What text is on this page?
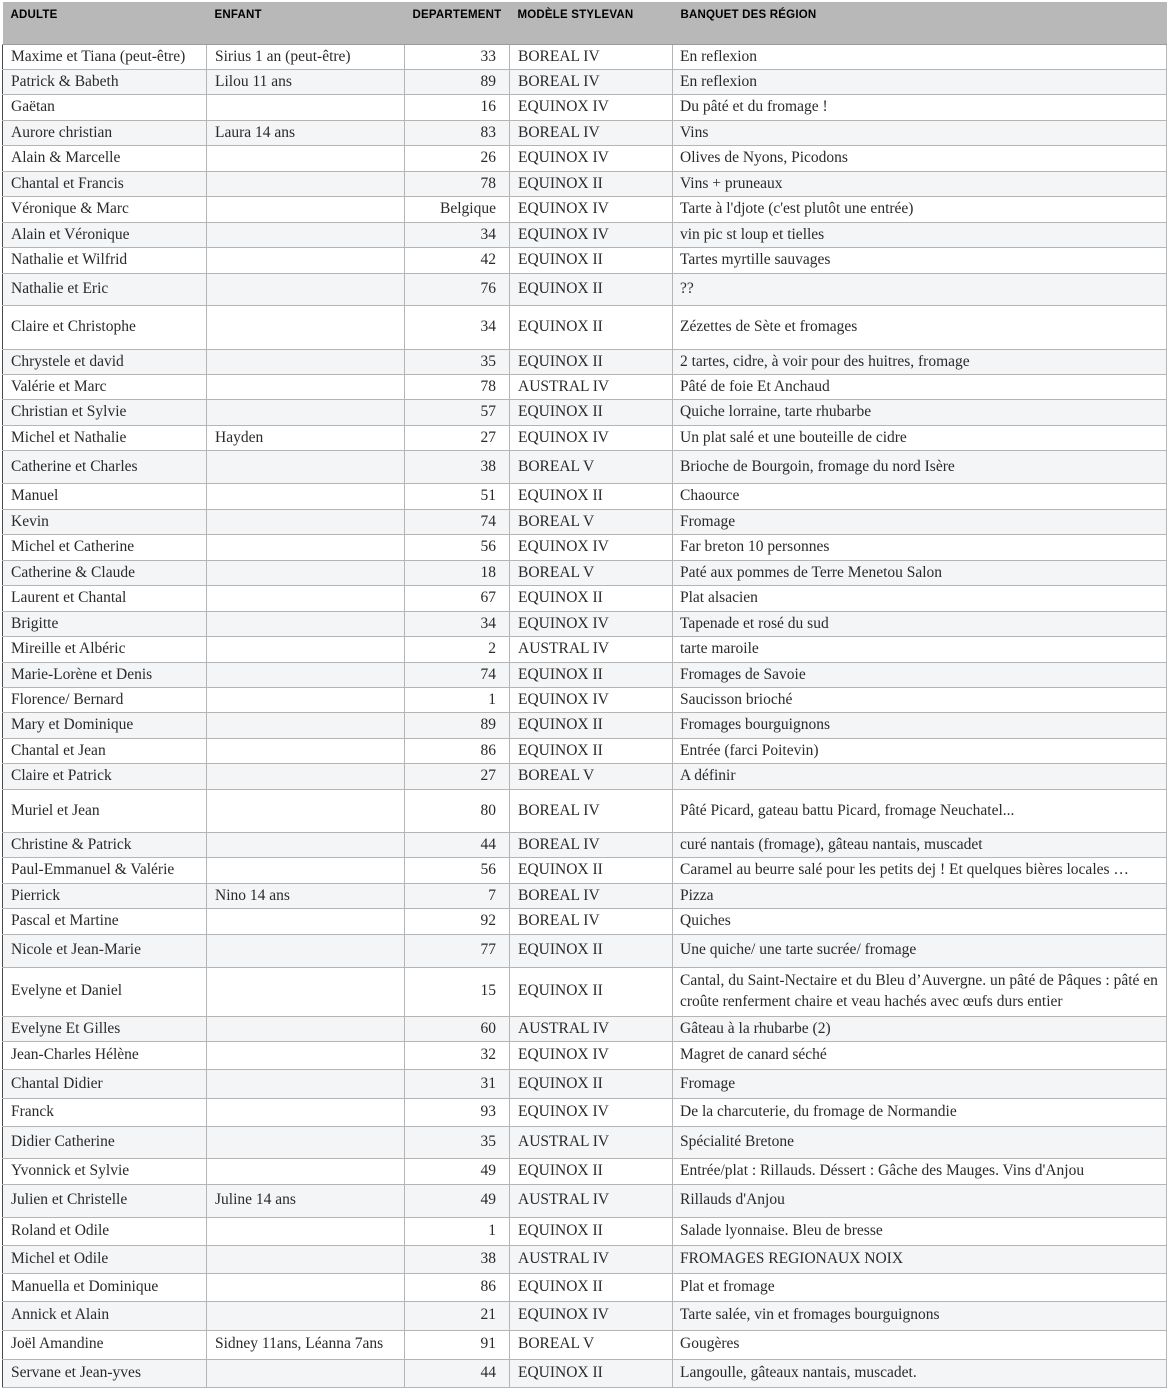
ADULTE	ENFANT	DEPARTEMENT	MODÈLE STYLEVAN	BANQUET DES RÉGION
Maxime et Tiana (peut-être)	Sirius 1 an (peut-être)	33	BOREAL IV	En reflexion
Patrick & Babeth	Lilou 11 ans	89	BOREAL IV	En reflexion
Gaëtan		16	EQUINOX IV	Du pâté et du fromage !
Aurore christian	Laura 14 ans	83	BOREAL IV	Vins
Alain & Marcelle		26	EQUINOX IV	Olives de Nyons, Picodons
Chantal et Francis		78	EQUINOX II	Vins + pruneaux
Véronique & Marc		Belgique	EQUINOX IV	Tarte à l'djote (c'est plutôt une entrée)
Alain et Véronique		34	EQUINOX IV	vin pic st loup et tielles
Nathalie et Wilfrid		42	EQUINOX II	Tartes myrtille sauvages
Nathalie et Eric		76	EQUINOX II	??
Claire et Christophe		34	EQUINOX II	Zézettes de Sète et fromages
Chrystele et david		35	EQUINOX II	2 tartes, cidre, à voir pour des huitres, fromage
Valérie et Marc		78	AUSTRAL IV	Pâté de foie Et Anchaud
Christian et Sylvie		57	EQUINOX II	Quiche lorraine, tarte rhubarbe
Michel et Nathalie	Hayden	27	EQUINOX IV	Un plat salé et une bouteille de cidre
Catherine et Charles		38	BOREAL V	Brioche de Bourgoin, fromage du nord Isère
Manuel		51	EQUINOX II	Chaource
Kevin		74	BOREAL V	Fromage
Michel et Catherine		56	EQUINOX IV	Far breton 10 personnes
Catherine & Claude		18	BOREAL V	Paté aux pommes de Terre Menetou Salon
Laurent et Chantal		67	EQUINOX II	Plat alsacien
Brigitte		34	EQUINOX IV	Tapenade et rosé du sud
Mireille et Albéric		2	AUSTRAL IV	tarte maroile
Marie-Lorène et Denis		74	EQUINOX II	Fromages de Savoie
Florence/ Bernard		1	EQUINOX IV	Saucisson brioché
Mary et Dominique		89	EQUINOX II	Fromages bourguignons
Chantal et Jean		86	EQUINOX II	Entrée (farci Poitevin)
Claire et Patrick		27	BOREAL V	A définir
Muriel et Jean		80	BOREAL IV	Pâté Picard, gateau battu Picard, fromage Neuchatel...
Christine & Patrick		44	BOREAL IV	curé nantais (fromage), gâteau nantais, muscadet
Paul-Emmanuel & Valérie		56	EQUINOX II	Caramel au beurre salé pour les petits dej ! Et quelques bières locales …
Pierrick	Nino 14 ans	7	BOREAL IV	Pizza
Pascal et Martine		92	BOREAL IV	Quiches
Nicole et Jean-Marie		77	EQUINOX II	Une quiche/ une tarte sucrée/ fromage
Evelyne et Daniel		15	EQUINOX II	Cantal, du Saint-Nectaire et du Bleu d’Auvergne. un pâté de Pâques : pâté en croûte renferment chaire et veau hachés avec œufs durs entier
Evelyne Et Gilles		60	AUSTRAL IV	Gâteau à la rhubarbe (2)
Jean-Charles Hélène		32	EQUINOX IV	Magret de canard séché
Chantal Didier		31	EQUINOX II	Fromage
Franck		93	EQUINOX IV	De la charcuterie, du fromage de Normandie
Didier Catherine		35	AUSTRAL IV	Spécialité Bretone
Yvonnick et Sylvie		49	EQUINOX II	Entrée/plat : Rillauds. Déssert : Gâche des Mauges. Vins d'Anjou
Julien et Christelle	Juline 14 ans	49	AUSTRAL IV	Rillauds d'Anjou
Roland et Odile		1	EQUINOX II	Salade lyonnaise. Bleu de bresse
Michel et Odile		38	AUSTRAL IV	FROMAGES REGIONAUX NOIX
Manuella et Dominique		86	EQUINOX II	Plat et fromage
Annick et Alain		21	EQUINOX IV	Tarte salée, vin et fromages bourguignons
Joël Amandine	Sidney 11ans, Léanna 7ans	91	BOREAL V	Gougères
Servane et Jean-yves		44	EQUINOX II	Langoulle, gâteaux nantais, muscadet.
